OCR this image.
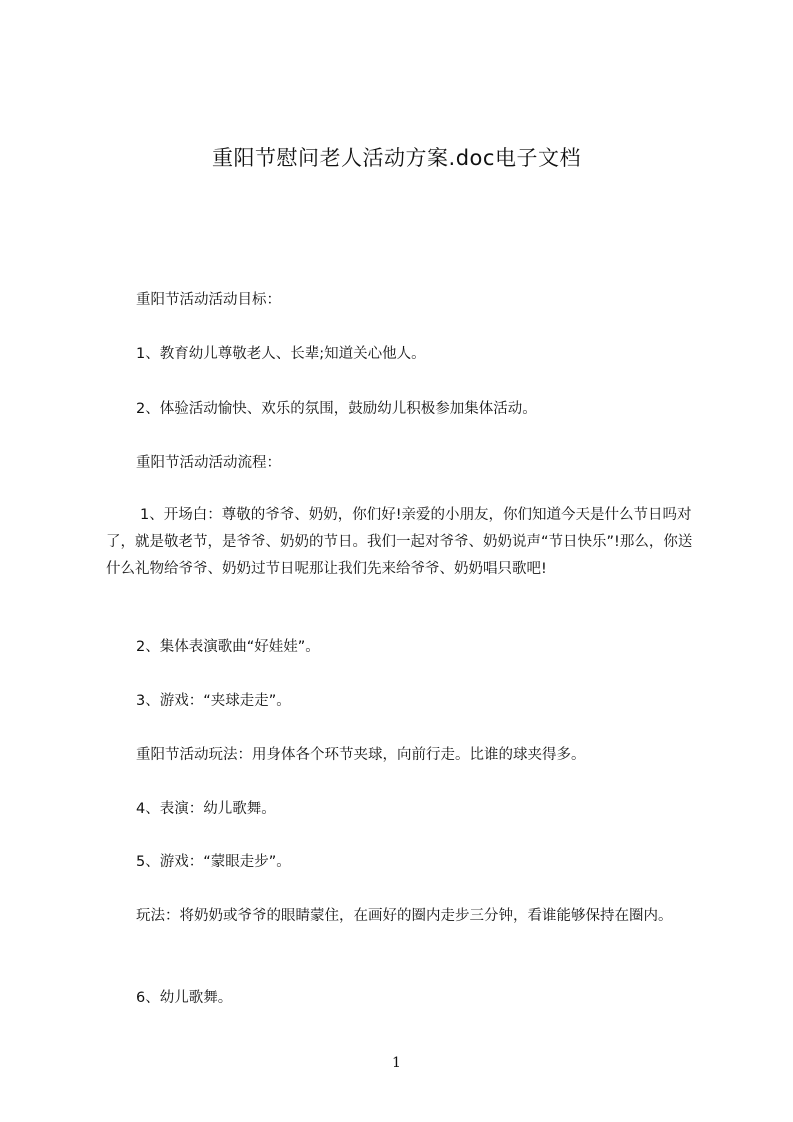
重阳节慰问老人活动方案.doc电子文档
重阳节活动活动目标：
1、教育幼儿尊敬老人、长辈;知道关心他人。
2、体验活动愉快、欢乐的氛围，鼓励幼儿积极参加集体活动。
重阳节活动活动流程：
1、开场白：尊敬的爷爷、奶奶，你们好!亲爱的小朋友，你们知道今天是什么节日吗对了，就是敬老节，是爷爷、奶奶的节日。我们一起对爷爷、奶奶说声“节日快乐”!那么，你送什么礼物给爷爷、奶奶过节日呢那让我们先来给爷爷、奶奶唱只歌吧!
2、集体表演歌曲“好娃娃”。
3、游戏：“夹球走走”。
重阳节活动玩法：用身体各个环节夹球，向前行走。比谁的球夹得多。
4、表演：幼儿歌舞。
5、游戏：“蒙眼走步”。
玩法：将奶奶或爷爷的眼睛蒙住，在画好的圈内走步三分钟，看谁能够保持在圈内。
6、幼儿歌舞。
1
